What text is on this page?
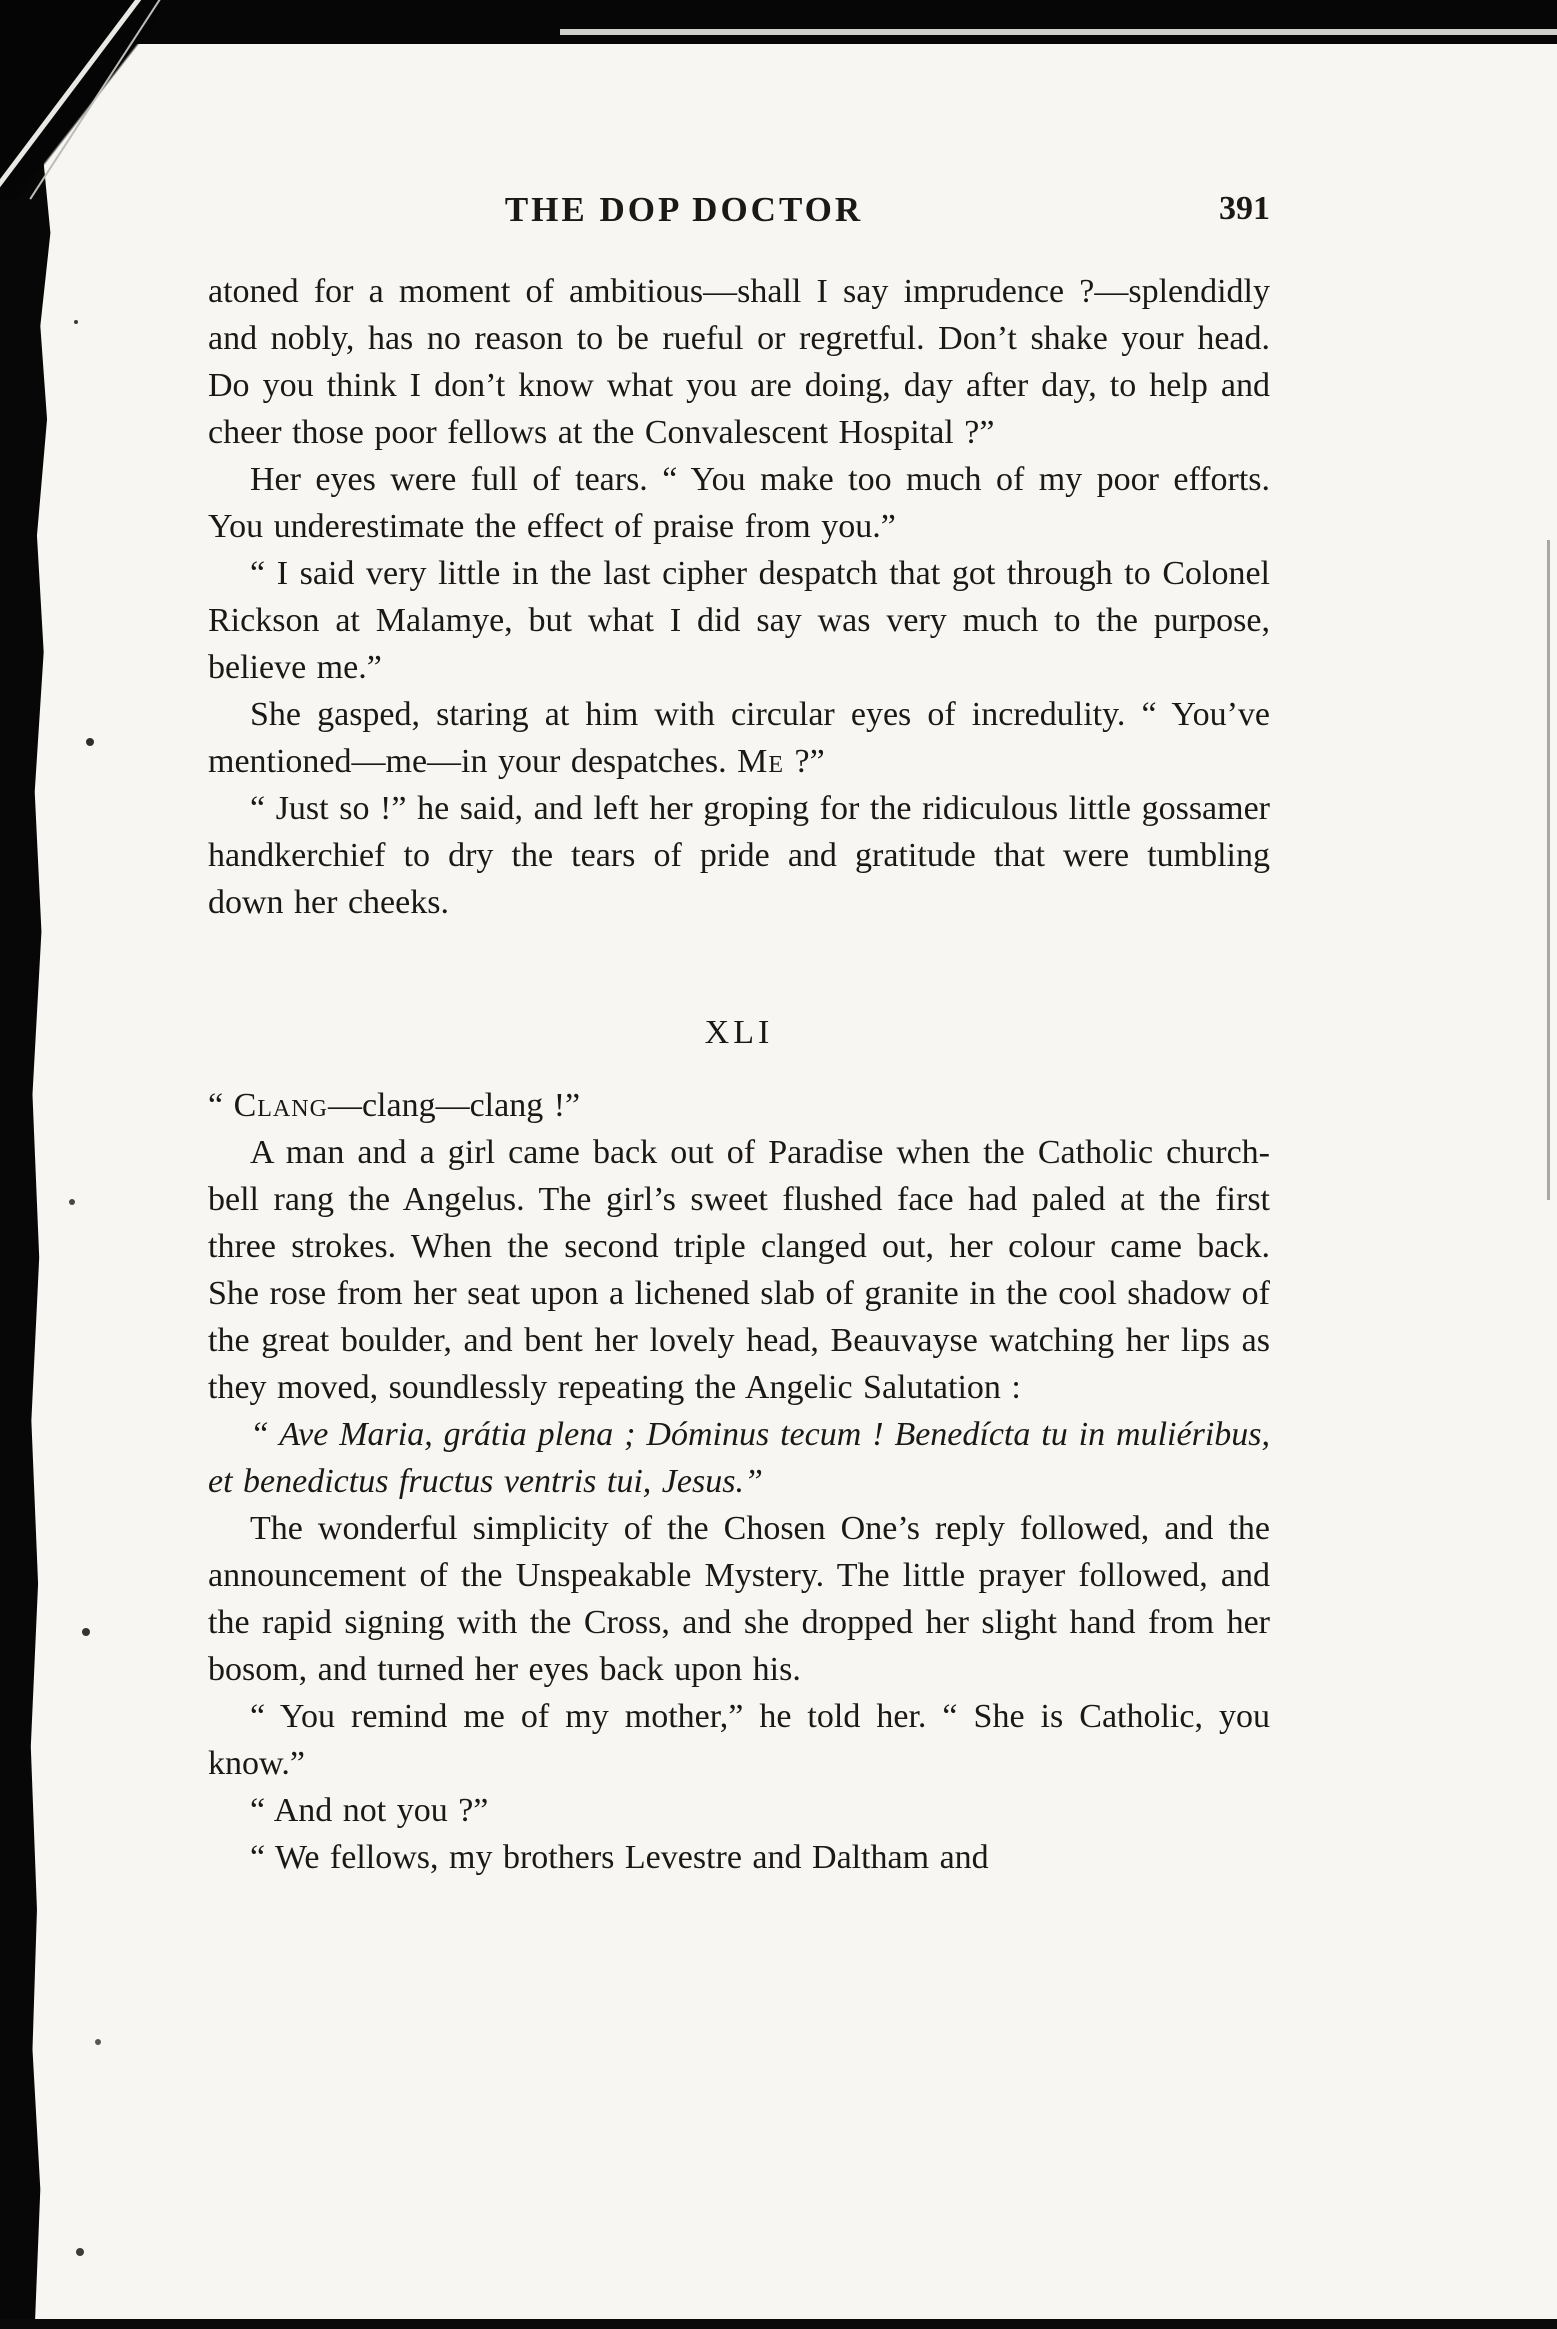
THE DOP DOCTOR	391

atoned for a moment of ambitious—shall I say imprudence ?—splendidly and nobly, has no reason to be rueful or regretful. Don’t shake your head. Do you think I don’t know what you are doing, day after day, to help and cheer those poor fellows at the Convalescent Hospital ?”

Her eyes were full of tears. “ You make too much of my poor efforts. You underestimate the effect of praise from you.”

“ I said very little in the last cipher despatch that got through to Colonel Rickson at Malamye, but what I did say was very much to the purpose, believe me.”

She gasped, staring at him with circular eyes of incredulity. “ You’ve mentioned—me—in your despatches. Me ?”

“ Just so !” he said, and left her groping for the ridiculous little gossamer handkerchief to dry the tears of pride and gratitude that were tumbling down her cheeks.

XLI

“ Clang—clang—clang !”

A man and a girl came back out of Paradise when the Catholic church-bell rang the Angelus. The girl’s sweet flushed face had paled at the first three strokes. When the second triple clanged out, her colour came back. She rose from her seat upon a lichened slab of granite in the cool shadow of the great boulder, and bent her lovely head, Beauvayse watching her lips as they moved, soundlessly repeating the Angelic Salutation :

“ Ave Maria, grátia plena ; Dóminus tecum ! Benedícta tu in muliéribus, et benedictus fructus ventris tui, Jesus.”

The wonderful simplicity of the Chosen One’s reply followed, and the announcement of the Unspeakable Mystery. The little prayer followed, and the rapid signing with the Cross, and she dropped her slight hand from her bosom, and turned her eyes back upon his.

“ You remind me of my mother,” he told her. “ She is Catholic, you know.”

“ And not you ?”

“ We fellows, my brothers Levestre and Daltham and
